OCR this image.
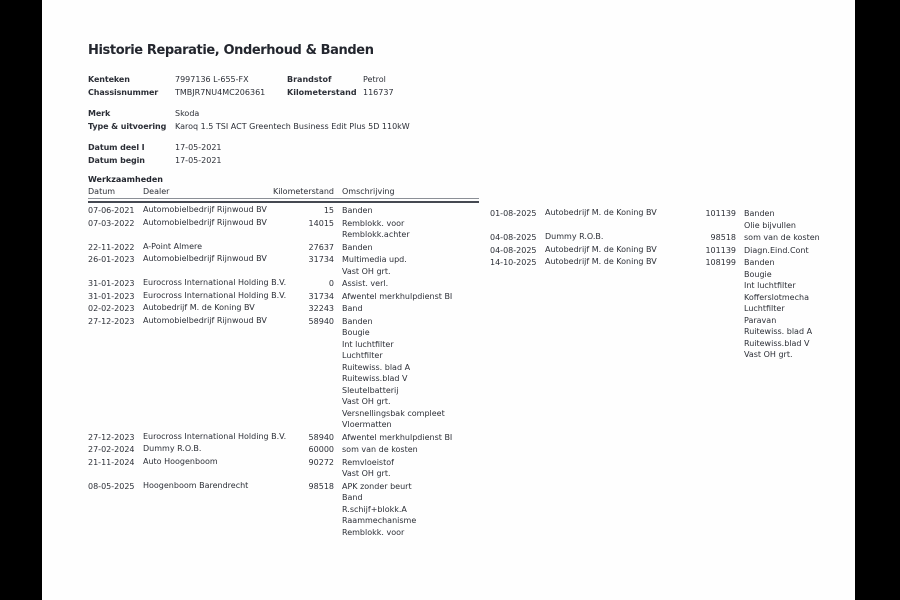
Historie Reparatie, Onderhoud & Banden
Kenteken	7997136 L-655-FX	Brandstof	Petrol
Chassisnummer TMBJR7NU4MC206361	Kilometerstand 116737
Merk	Skoda
Type & uitvoering Karoq 1.5 TSI ACT Greentech Business Edit Plus 5D 110kW
Datum deel I	17-05-2021
Datum begin	17-05-2021
Werkzaamheden
Datum	Dealer	Kilometerstand	Omschrijving
07-06-2021	Automobielbedrijf Rijnwoud BV	15 Banden
07-03-2022	Automobielbedrijf Rijnwoud BV	14015 Remblokk. voor
Remblokk.achter
22-11-2022	A-Point Almere	27637 Banden
26-01-2023	Automobielbedrijf Rijnwoud BV	31734 Multimedia upd.
Vast OH grt.
31-01-2023	Eurocross International Holding B.V.	0 Assist. verl.
31-01-2023	Eurocross International Holding B.V.	31734 Afwentel merkhulpdienst BI
02-02-2023	Autobedrijf M. de Koning BV	32243 Band
27-12-2023	Automobielbedrijf Rijnwoud BV	58940 Banden
Bougie
Int luchtfilter
Luchtfilter
Ruitewiss. blad A
Ruitewiss.blad V
Sleutelbatterij
Vast OH grt.
Versnellingsbak compleet
Vloermatten
27-12-2023	Eurocross International Holding B.V.	58940 Afwentel merkhulpdienst BI
27-02-2024	Dummy R.O.B.	60000 som van de kosten
21-11-2024	Auto Hoogenboom	90272 Remvloeistof
Vast OH grt.
08-05-2025	Hoogenboom Barendrecht	98518 APK zonder beurt
Band
R.schijf+blokk.A
Raammechanisme
Remblokk. voor
01-08-2025	Autobedrijf M. de Koning BV	101139 Banden
Olie bijvullen
04-08-2025	Dummy R.O.B.	98518 som van de kosten
04-08-2025	Autobedrijf M. de Koning BV	101139 Diagn.Eind.Cont
14-10-2025	Autobedrijf M. de Koning BV	108199 Banden
Bougie
Int luchtfilter
Kofferslotmecha
Luchtfilter
Paravan
Ruitewiss. blad A
Ruitewiss.blad V
Vast OH grt.
